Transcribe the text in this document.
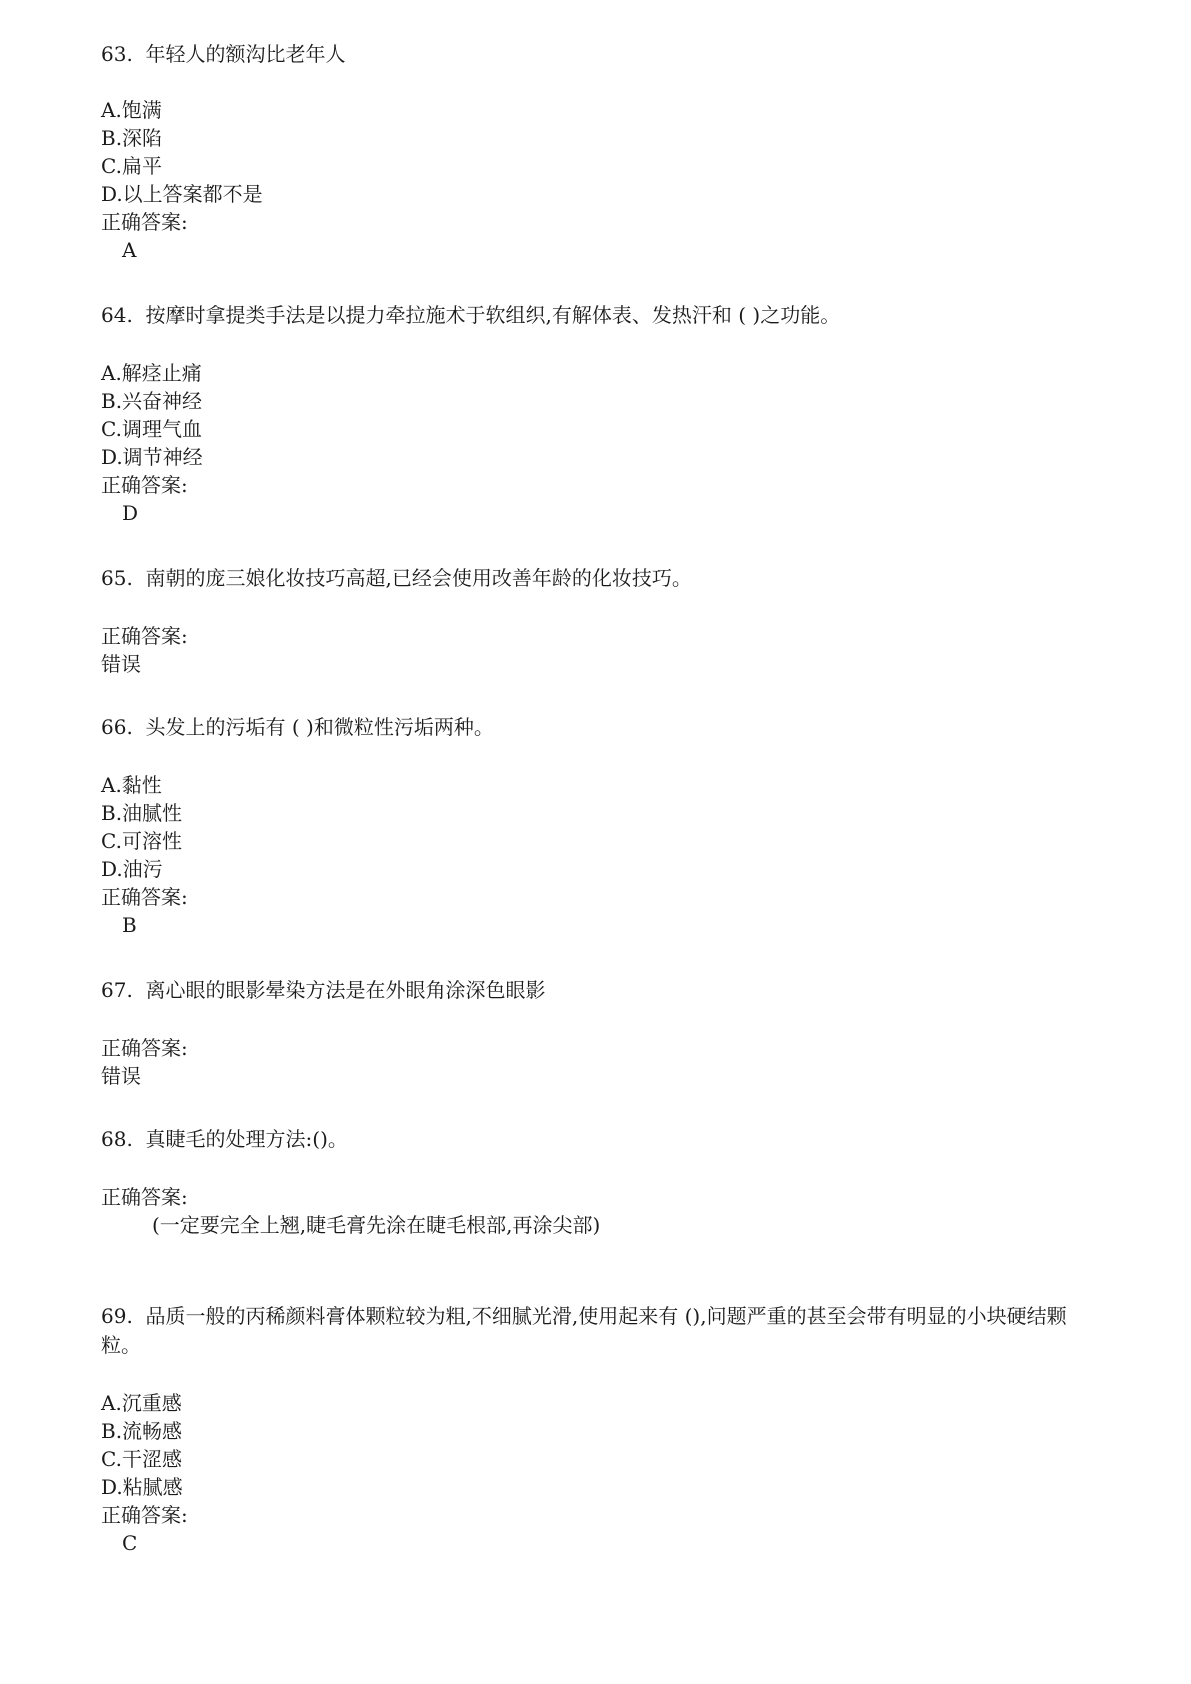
63. 年轻人的额沟比老年人
A.饱满
B.深陷
C.扁平
D.以上答案都不是
正确答案:
A
64. 按摩时拿提类手法是以提力牵拉施术于软组织,有解体表、发热汗和 ( )之功能。
A.解痉止痛
B.兴奋神经
C.调理气血
D.调节神经
正确答案:
D
65. 南朝的庞三娘化妆技巧高超,已经会使用改善年龄的化妆技巧。
正确答案:
错误
66. 头发上的污垢有 ( )和微粒性污垢两种。
A.黏性
B.油腻性
C.可溶性
D.油污
正确答案:
B
67. 离心眼的眼影晕染方法是在外眼角涂深色眼影
正确答案:
错误
68. 真睫毛的处理方法:()。
正确答案:
(一定要完全上翘,睫毛膏先涂在睫毛根部,再涂尖部)
69. 品质一般的丙稀颜料膏体颗粒较为粗,不细腻光滑,使用起来有 (),问题严重的甚至会带有明显的小块硬结颗粒。
A.沉重感
B.流畅感
C.干涩感
D.粘腻感
正确答案:
C
